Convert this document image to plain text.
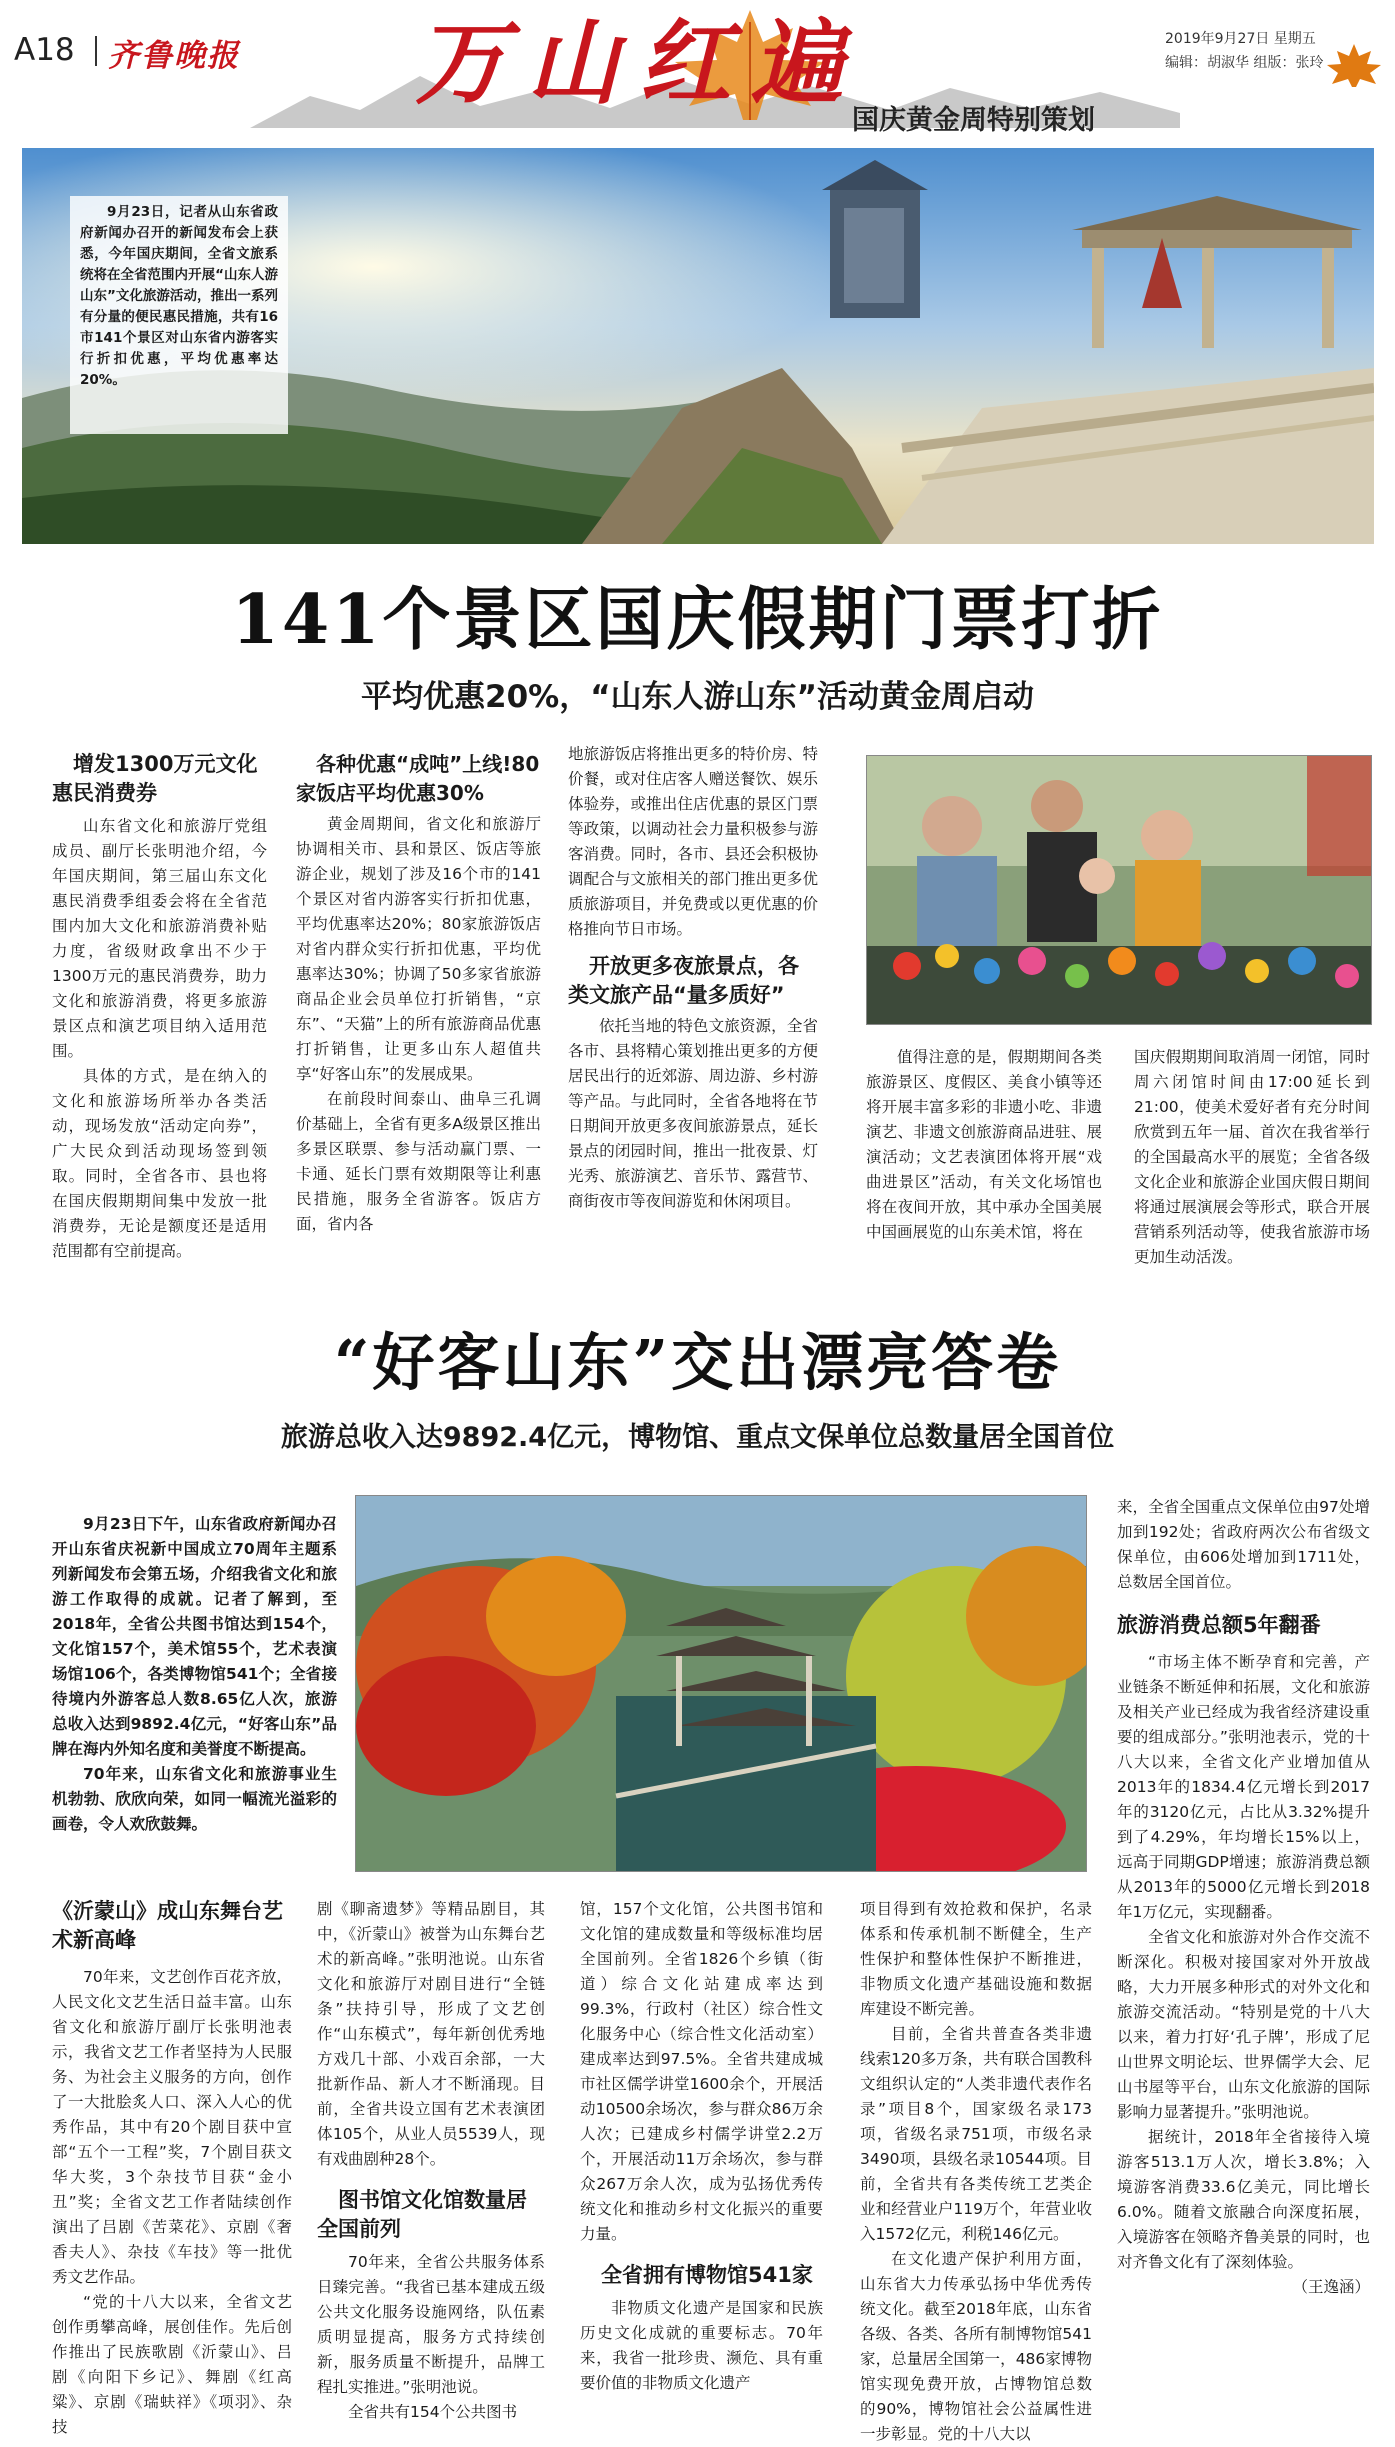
A18 齐鲁晚报 万山红遍
国庆黄金周特别策划
2019年9月27日 星期五
编辑：胡淑华 组版：张玲
9月23日，记者从山东省政府新闻办召开的新闻发布会上获悉，今年国庆期间，全省文旅系统将在全省范围内开展“山东人游山东”文化旅游活动，推出一系列有分量的便民惠民措施，共有16市141个景区对山东省内游客实行折扣优惠，平均优惠率达20%。
141个景区国庆假期门票打折
平均优惠20%，“山东人游山东”活动黄金周启动
增发1300万元文化惠民消费券

山东省文化和旅游厅党组成员、副厅长张明池介绍，今年国庆期间，第三届山东文化惠民消费季组委会将在全省范围内加大文化和旅游消费补贴力度，省级财政拿出不少于1300万元的惠民消费券，助力文化和旅游消费，将更多旅游景区点和演艺项目纳入适用范围。

具体的方式，是在纳入的文化和旅游场所举办各类活动，现场发放“活动定向券”，广大民众到活动现场签到领取。同时，全省各市、县也将在国庆假期期间集中发放一批消费券，无论是额度还是适用范围都有空前提高。

各种优惠“成吨”上线!80家饭店平均优惠30%

黄金周期间，省文化和旅游厅协调相关市、县和景区、饭店等旅游企业，规划了涉及16个市的141个景区对省内游客实行折扣优惠，平均优惠率达20%；80家旅游饭店对省内群众实行折扣优惠，平均优惠率达30%；协调了50多家省旅游商品企业会员单位打折销售，“京东”、“天猫”上的所有旅游商品优惠打折销售，让更多山东人超值共享“好客山东”的发展成果。

在前段时间泰山、曲阜三孔调价基础上，全省有更多A级景区推出多景区联票、参与活动赢门票、一卡通、延长门票有效期限等让利惠民措施，服务全省游客。饭店方面，省内各

地旅游饭店将推出更多的特价房、特价餐，或对住店客人赠送餐饮、娱乐体验券，或推出住店优惠的景区门票等政策，以调动社会力量积极参与游客消费。同时，各市、县还会积极协调配合与文旅相关的部门推出更多优质旅游项目，并免费或以更优惠的价格推向节日市场。

开放更多夜旅景点，各类文旅产品“量多质好”

依托当地的特色文旅资源，全省各市、县将精心策划推出更多的方便居民出行的近郊游、周边游、乡村游等产品。与此同时，全省各地将在节日期间开放更多夜间旅游景点，延长景点的闭园时间，推出一批夜景、灯光秀、旅游演艺、音乐节、露营节、商街夜市等夜间游览和休闲项目。

值得注意的是，假期期间各类旅游景区、度假区、美食小镇等还将开展丰富多彩的非遗小吃、非遗演艺、非遗文创旅游商品进驻、展演活动；文艺表演团体将开展“戏曲进景区”活动，有关文化场馆也将在夜间开放，其中承办全国美展中国画展览的山东美术馆，将在

国庆假期期间取消周一闭馆，同时周六闭馆时间由17:00延长到21:00，使美术爱好者有充分时间欣赏到五年一届、首次在我省举行的全国最高水平的展览；全省各级文化企业和旅游企业国庆假日期间将通过展演展会等形式，联合开展营销系列活动等，使我省旅游市场更加生动活泼。

“好客山东”交出漂亮答卷
旅游总收入达9892.4亿元，博物馆、重点文保单位总数量居全国首位

9月23日下午，山东省政府新闻办召开山东省庆祝新中国成立70周年主题系列新闻发布会第五场，介绍我省文化和旅游工作取得的成就。记者了解到，至2018年，全省公共图书馆达到154个，文化馆157个，美术馆55个，艺术表演场馆106个，各类博物馆541个；全省接待境内外游客总人数8.65亿人次，旅游总收入达到9892.4亿元，“好客山东”品牌在海内外知名度和美誉度不断提高。

70年来，山东省文化和旅游事业生机勃勃、欣欣向荣，如同一幅流光溢彩的画卷，令人欢欣鼓舞。

来，全省全国重点文保单位由97处增加到192处；省政府两次公布省级文保单位，由606处增加到1711处，总数居全国首位。

旅游消费总额5年翻番

“市场主体不断孕育和完善，产业链条不断延伸和拓展，文化和旅游及相关产业已经成为我省经济建设重要的组成部分。”张明池表示，党的十八大以来，全省文化产业增加值从2013年的1834.4亿元增长到2017年的3120亿元，占比从3.32%提升到了4.29%，年均增长15%以上，远高于同期GDP增速；旅游消费总额从2013年的5000亿元增长到2018年1万亿元，实现翻番。

全省文化和旅游对外合作交流不断深化。积极对接国家对外开放战略，大力开展多种形式的对外文化和旅游交流活动。“特别是党的十八大以来，着力打好‘孔子牌’，形成了尼山世界文明论坛、世界儒学大会、尼山书屋等平台，山东文化旅游的国际影响力显著提升。”张明池说。

据统计，2018年全省接待入境游客513.1万人次，增长3.8%；入境游客消费33.6亿美元，同比增长6.0%。随着文旅融合向深度拓展，入境游客在领略齐鲁美景的同时，也对齐鲁文化有了深刻体验。

（王逸涵）
《沂蒙山》成山东舞台艺术新高峰

70年来，文艺创作百花齐放，人民文化文艺生活日益丰富。山东省文化和旅游厅副厅长张明池表示，我省文艺工作者坚持为人民服务、为社会主义服务的方向，创作了一大批脍炙人口、深入人心的优秀作品，其中有20个剧目获中宣部“五个一工程”奖，7个剧目获文华大奖，3个杂技节目获“金小丑”奖；全省文艺工作者陆续创作演出了吕剧《苦菜花》、京剧《奢香夫人》、杂技《车技》等一批优秀文艺作品。

“党的十八大以来，全省文艺创作勇攀高峰，展创佳作。先后创作推出了民族歌剧《沂蒙山》、吕剧《向阳下乡记》、舞剧《红高粱》、京剧《瑞蚨祥》《项羽》、杂技

剧《聊斋遗梦》等精品剧目，其中，《沂蒙山》被誉为山东舞台艺术的新高峰。”张明池说。山东省文化和旅游厅对剧目进行“全链条”扶持引导，形成了文艺创作“山东模式”，每年新创优秀地方戏几十部、小戏百余部，一大批新作品、新人才不断涌现。目前，全省共设立国有艺术表演团体105个，从业人员5539人，现有戏曲剧种28个。

图书馆文化馆数量居全国前列

70年来，全省公共服务体系日臻完善。“我省已基本建成五级公共文化服务设施网络，队伍素质明显提高，服务方式持续创新，服务质量不断提升，品牌工程扎实推进。”张明池说。

全省共有154个公共图书

馆，157个文化馆，公共图书馆和文化馆的建成数量和等级标准均居全国前列。全省1826个乡镇（街道）综合文化站建成率达到99.3%，行政村（社区）综合性文化服务中心（综合性文化活动室）建成率达到97.5%。全省共建成城市社区儒学讲堂1600余个，开展活动10500余场次，参与群众86万余人次；已建成乡村儒学讲堂2.2万个，开展活动11万余场次，参与群众267万余人次，成为弘扬优秀传统文化和推动乡村文化振兴的重要力量。

全省拥有博物馆541家

非物质文化遗产是国家和民族历史文化成就的重要标志。70年来，我省一批珍贵、濒危、具有重要价值的非物质文化遗产

项目得到有效抢救和保护，名录体系和传承机制不断健全，生产性保护和整体性保护不断推进，非物质文化遗产基础设施和数据库建设不断完善。

目前，全省共普查各类非遗线索120多万条，共有联合国教科文组织认定的“人类非遗代表作名录”项目8个，国家级名录173项，省级名录751项，市级名录3490项，县级名录10544项。目前，全省共有各类传统工艺类企业和经营业户119万个，年营业收入1572亿元，利税146亿元。

在文化遗产保护利用方面，山东省大力传承弘扬中华优秀传统文化。截至2018年底，山东省各级、各类、各所有制博物馆541家，总量居全国第一，486家博物馆实现免费开放，占博物馆总数的90%，博物馆社会公益属性进一步彰显。党的十八大以
